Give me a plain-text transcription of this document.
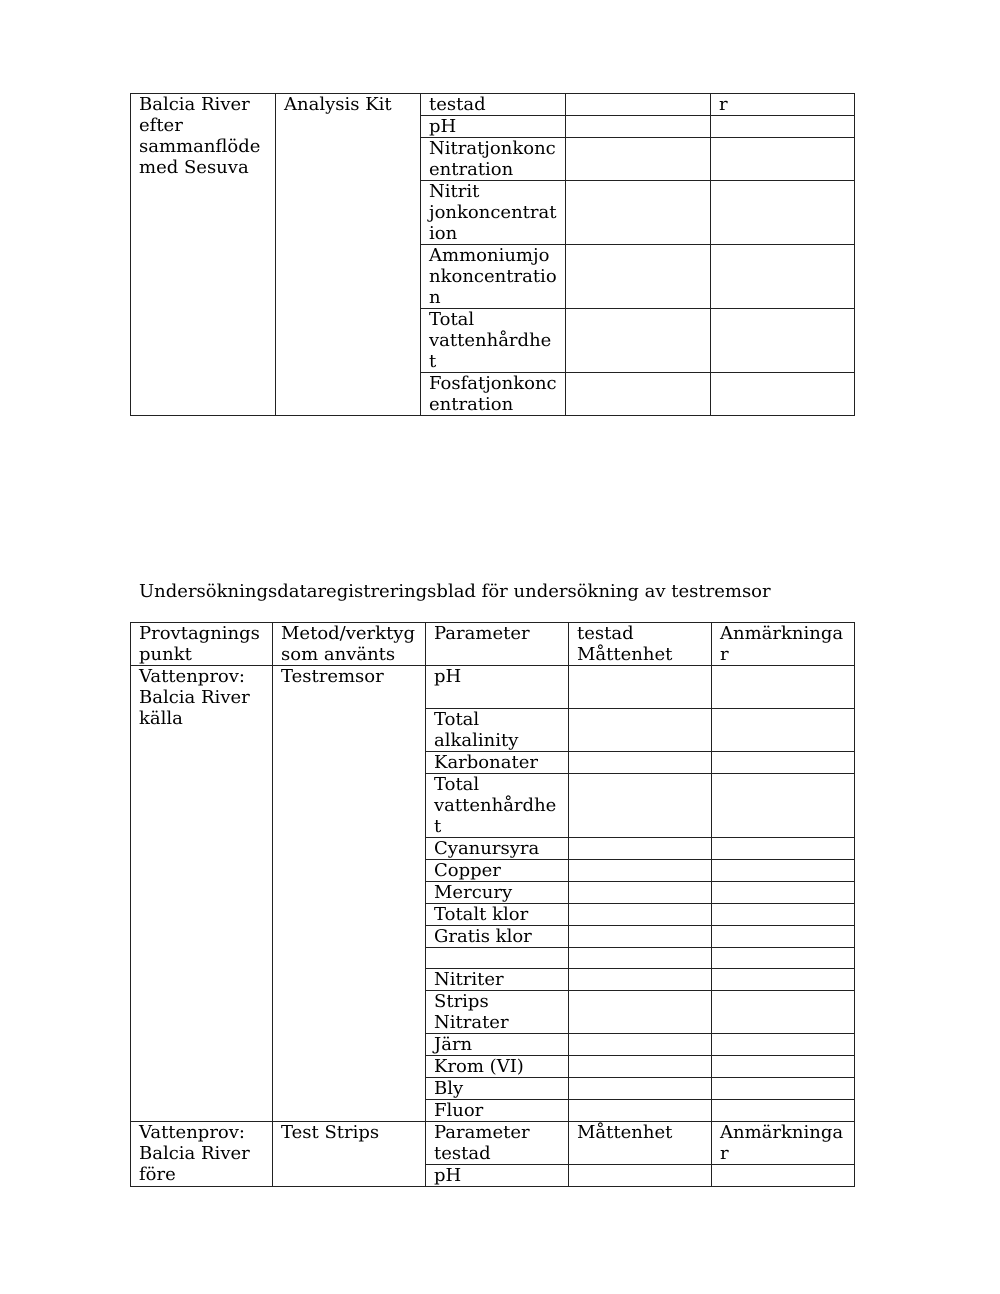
Balcia River efter sammanflöde med Sesuva	Analysis Kit	testad		r
		pH		
		Nitratjonkoncentration		
		Nitrit jonkoncentration		
		Ammoniumjonkoncentration		
		Total vattenhårdhet		
		Fosfatjonkoncentration		
Undersökningsdataregistreringsblad för undersökning av testremsor
Provtagnings punkt	Metod/verktyg som använts	Parameter	testad Måttenhet	Anmärkningar
Vattenprov: Balcia River källa	Testremsor	pH		
		Total alkalinity		
		Karbonater		
		Total vattenhårdhet		
		Cyanursyra		
		Copper		
		Mercury		
		Totalt klor		
		Gratis klor		

		Nitriter		
		Strips Nitrater		
		Järn		
		Krom (VI)		
		Bly		
		Fluor		
Vattenprov: Balcia River före	Test Strips	Parameter testad	Måttenhet	Anmärkningar
		pH		
